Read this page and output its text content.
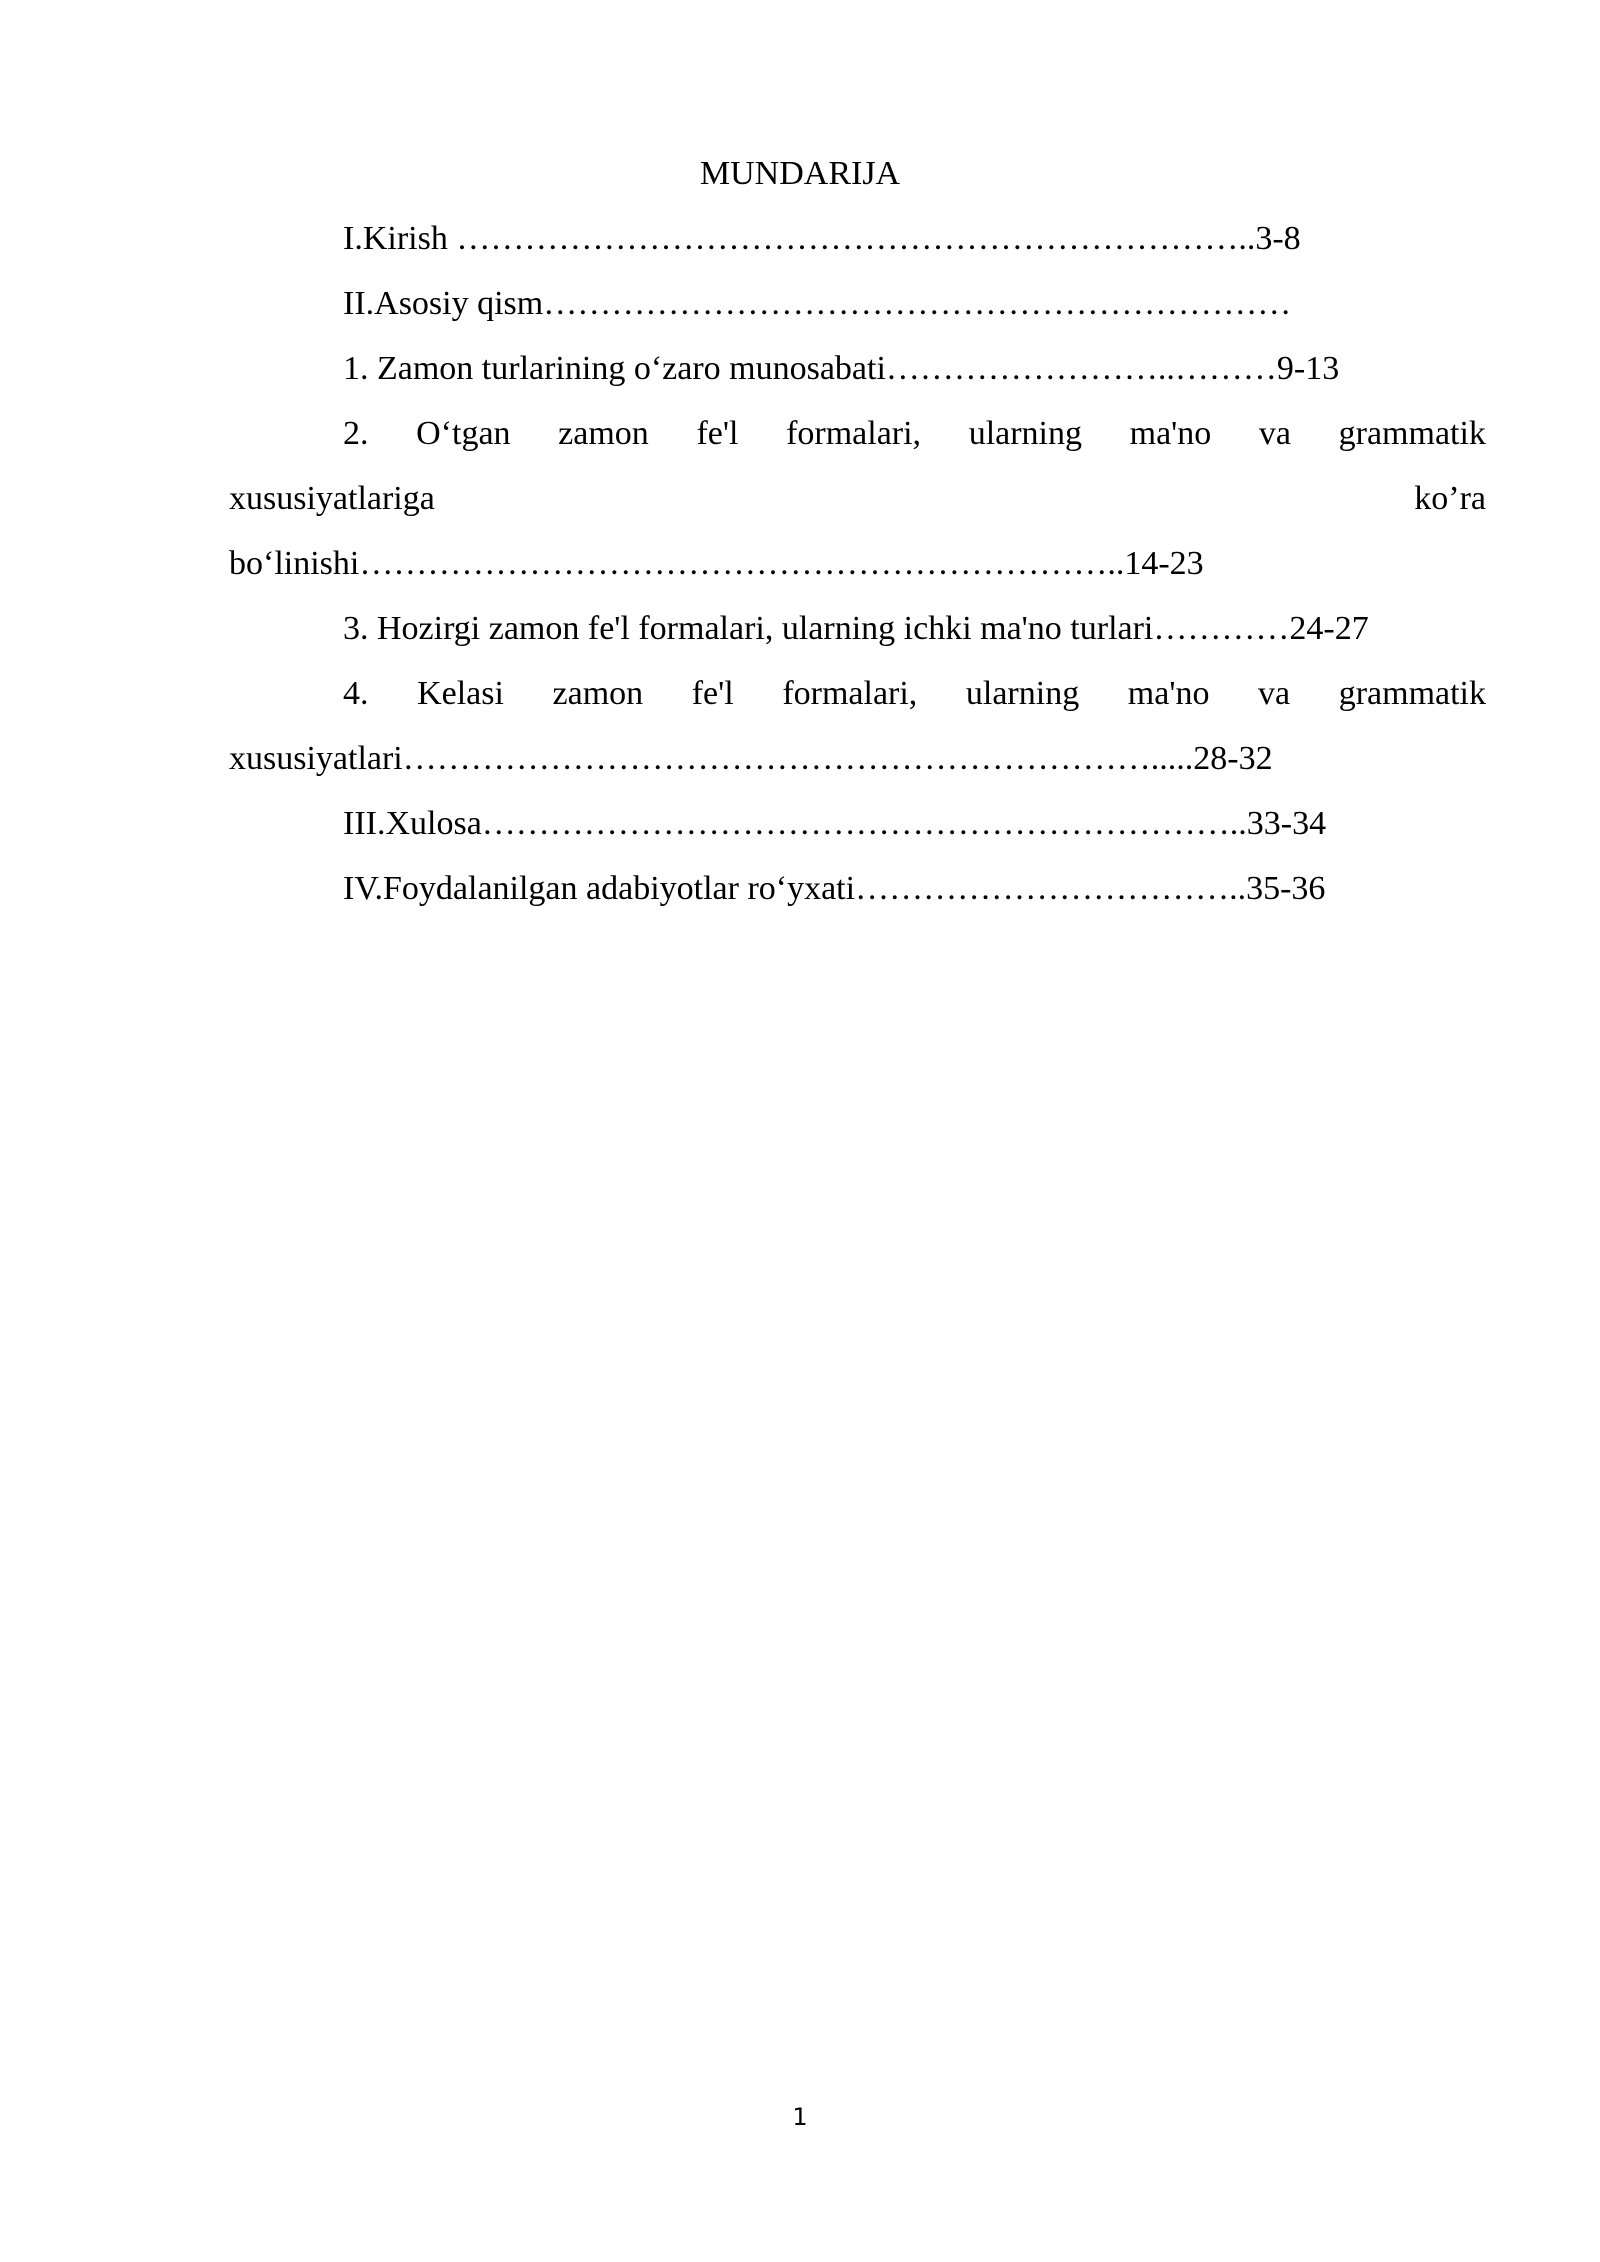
MUNDARIJA
I.Kirish ……………………………………………………………..3-8
II.Asosiy qism…………………………………………………………
1. Zamon turlarining o‘zaro munosabati……………………..………9-13
2. O‘tgan zamon fe'l formalari, ularning ma'no va grammatik
xususiyatlariga	ko’ra
bo‘linishi…………………………………………………………..14-23
3. Hozirgi zamon fe'l formalari, ularning ichki ma'no turlari…………24-27
4. Kelasi zamon fe'l formalari, ularning ma'no va grammatik
xususiyatlari………………………………………………………….....28-32
III.Xulosa…………………………………………………………..33-34
IV.Foydalanilgan adabiyotlar ro‘yxati……………………………..35-36
1
